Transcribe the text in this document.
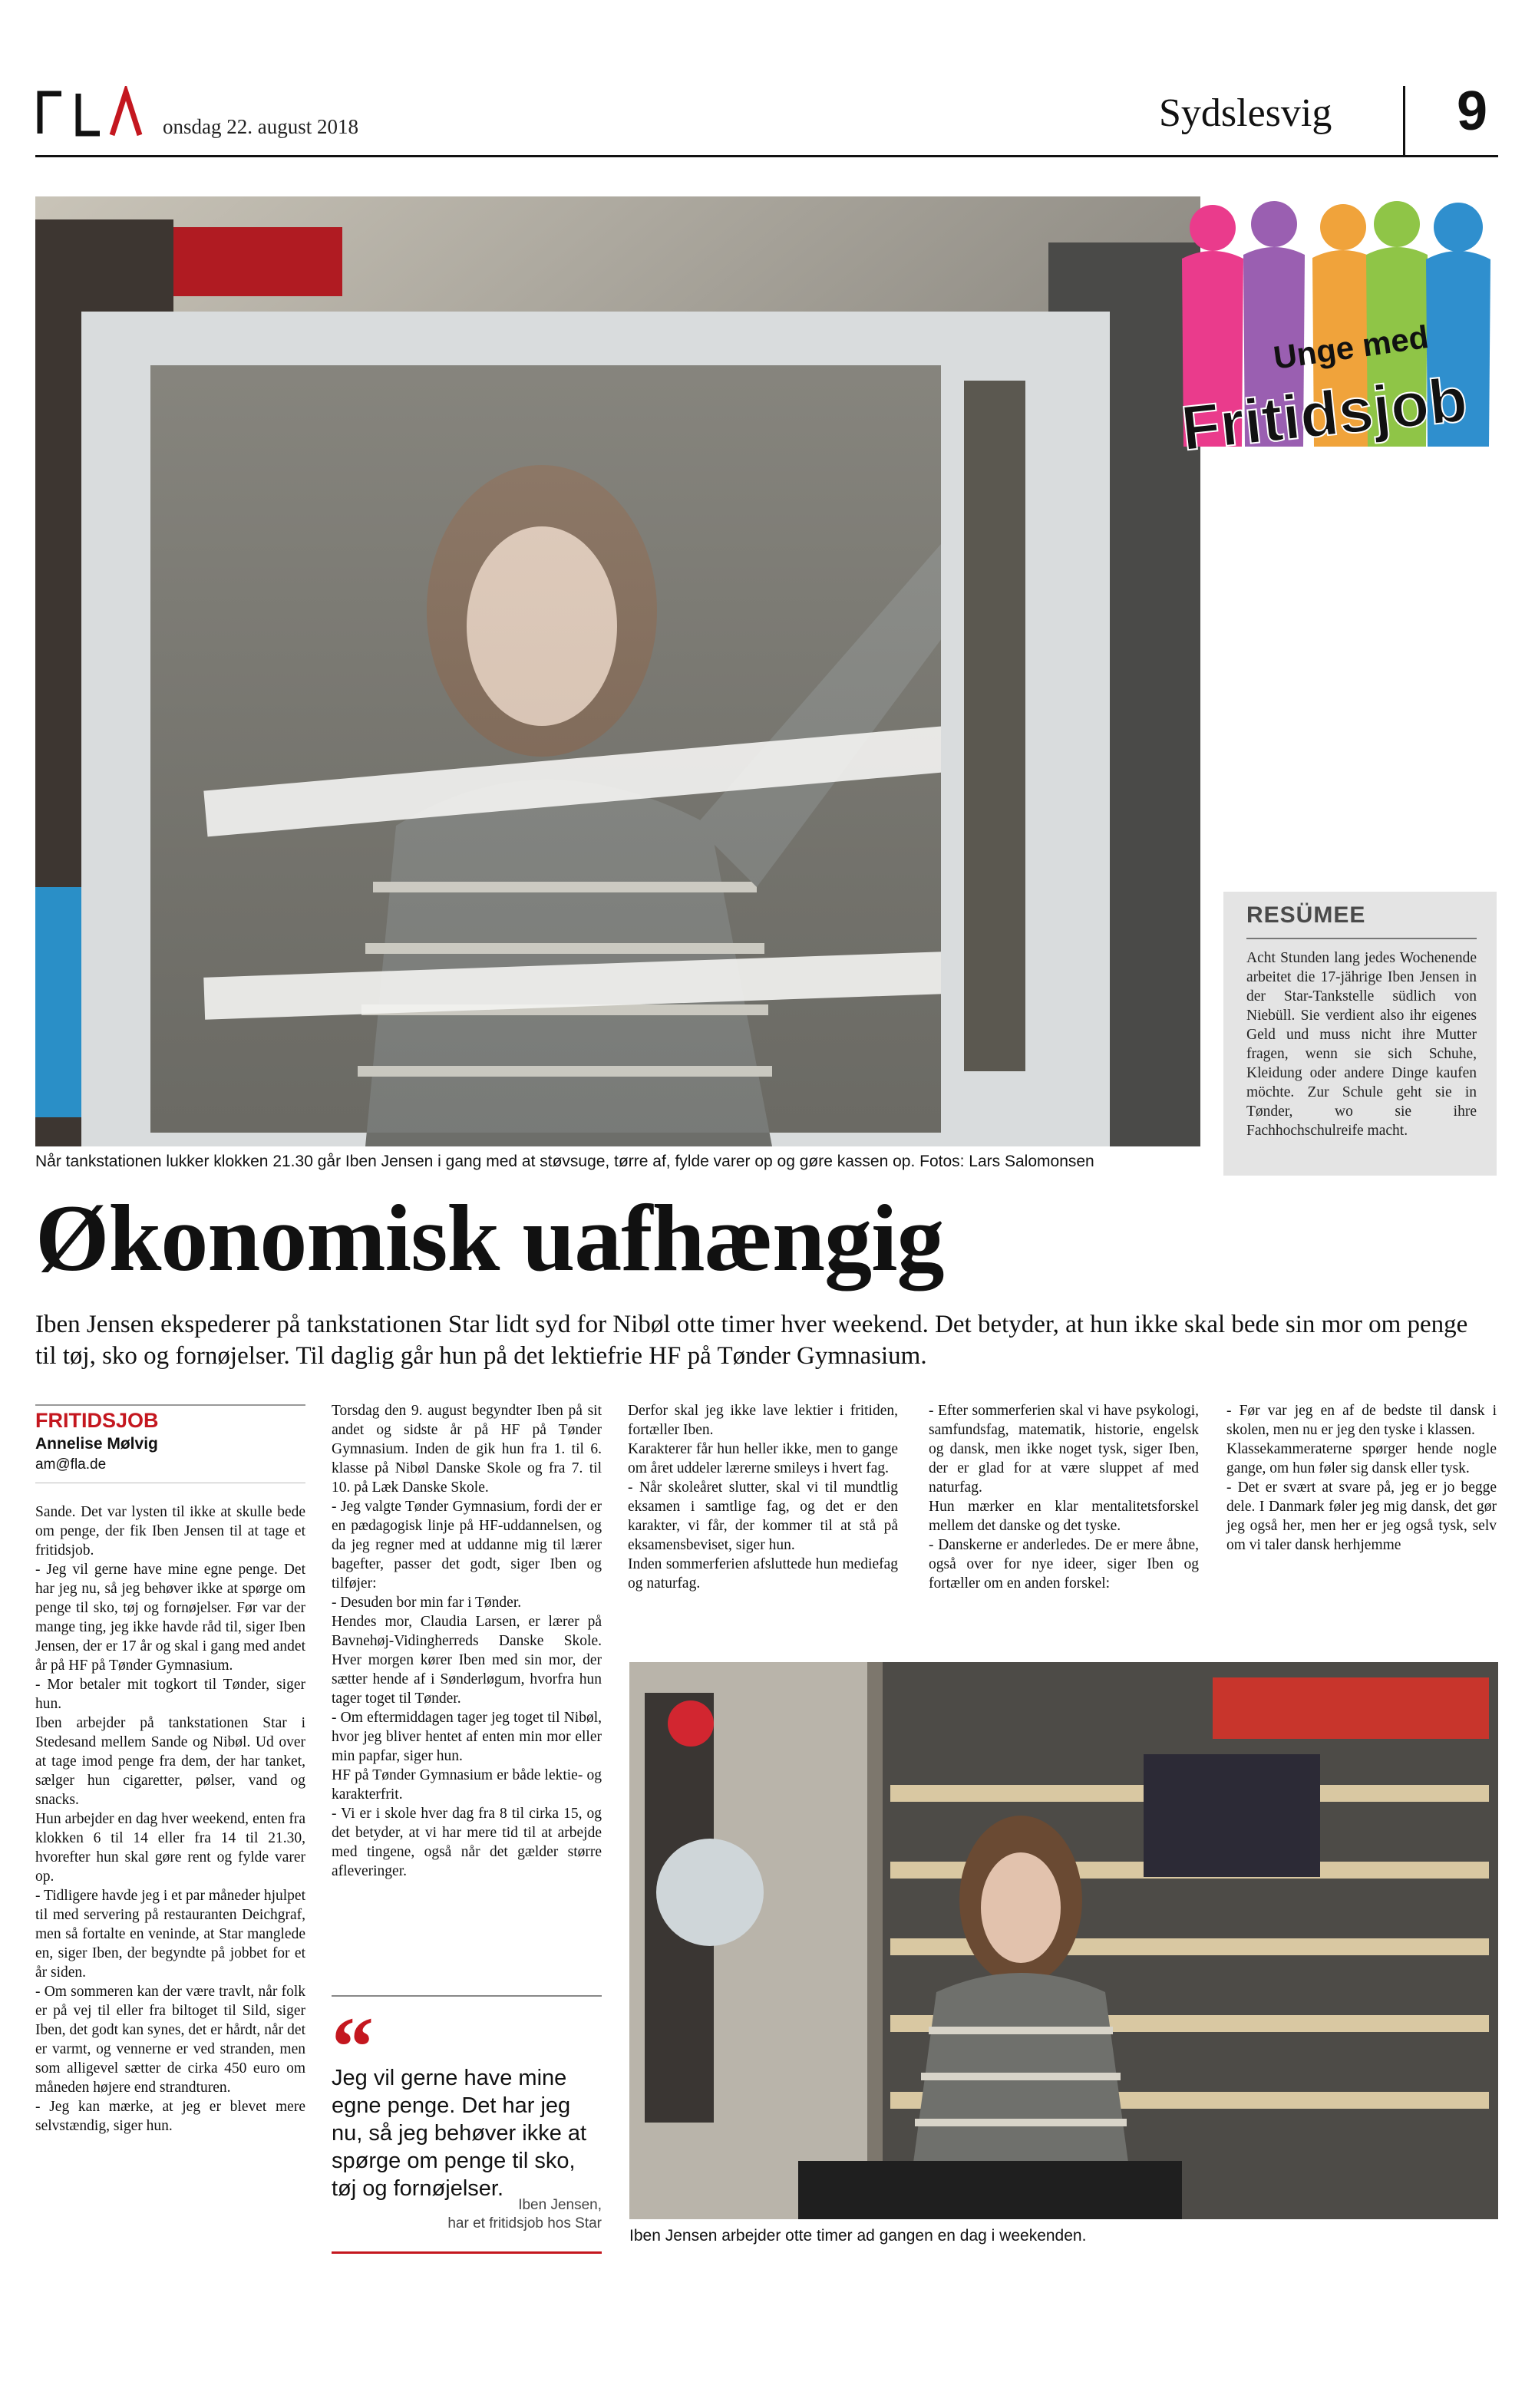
onsdag 22. august 2018	Sydslesvig 9
Når tankstationen lukker klokken 21.30 går Iben Jensen i gang med at støvsuge, tørre af, fylde varer op og gøre kassen op. Fotos: Lars Salomonsen
Unge med
Fritidsjob
RESÜMEE
Acht Stunden lang jedes Wochenende arbeitet die 17-jährige Iben Jensen in der Star-Tankstelle südlich von Niebüll. Sie verdient also ihr eigenes Geld und muss nicht ihre Mutter fragen, wenn sie sich Schuhe, Kleidung oder andere Dinge kaufen möchte. Zur Schule geht sie in Tønder, wo sie ihre Fachhochschulreife macht.
Økonomisk uafhængig
Iben Jensen ekspederer på tankstationen Star lidt syd for Nibøl otte timer hver weekend. Det betyder, at hun ikke skal bede sin mor om penge til tøj, sko og fornøjelser. Til daglig går hun på det lektiefrie HF på Tønder Gymnasium.
FRITIDSJOB
Annelise Mølvig
am@fla.de

Sande. Det var lysten til ikke at skulle bede om penge, der fik Iben Jensen til at tage et fritidsjob.

- Jeg vil gerne have mine egne penge. Det har jeg nu, så jeg behøver ikke at spørge om penge til sko, tøj og fornøjelser. Før var der mange ting, jeg ikke havde råd til, siger Iben Jensen, der er 17 år og skal i gang med andet år på HF på Tønder Gymnasium.

- Mor betaler mit togkort til Tønder, siger hun.

Iben arbejder på tankstationen Star i Stedesand mellem Sande og Nibøl. Ud over at tage imod penge fra dem, der har tanket, sælger hun cigaretter, pølser, vand og snacks.

Hun arbejder en dag hver weekend, enten fra klokken 6 til 14 eller fra 14 til 21.30, hvorefter hun skal gøre rent og fylde varer op.

- Tidligere havde jeg i et par måneder hjulpet til med servering på restauranten Deichgraf, men så fortalte en veninde, at Star manglede en, siger Iben, der begyndte på jobbet for et år siden.

- Om sommeren kan der være travlt, når folk er på vej til eller fra biltoget til Sild, siger Iben, det godt kan synes, det er hårdt, når det er varmt, og vennerne er ved stranden, men som alligevel sætter de cirka 450 euro om måneden højere end strandturen.

- Jeg kan mærke, at jeg er blevet mere selvstændig, siger hun.

Torsdag den 9. august begyndter Iben på sit andet og sidste år på HF på Tønder Gymnasium. Inden de gik hun fra 1. til 6. klasse på Nibøl Danske Skole og fra 7. til 10. på Læk Danske Skole.

- Jeg valgte Tønder Gymnasium, fordi der er en pædagogisk linje på HF-uddannelsen, og da jeg regner med at uddanne mig til lærer bagefter, passer det godt, siger Iben og tilføjer:

- Desuden bor min far i Tønder.

Hendes mor, Claudia Larsen, er lærer på Bavnehøj-Vidingherreds Danske Skole. Hver morgen kører Iben med sin mor, der sætter hende af i Sønderløgum, hvorfra hun tager toget til Tønder.

- Om eftermiddagen tager jeg toget til Nibøl, hvor jeg bliver hentet af enten min mor eller min papfar, siger hun.

HF på Tønder Gymnasium er både lektie- og karakterfrit.

- Vi er i skole hver dag fra 8 til cirka 15, og det betyder, at vi har mere tid til at arbejde med tingene, også når det gælder større afleveringer.

Derfor skal jeg ikke lave lektier i fritiden, fortæller Iben.

Karakterer får hun heller ikke, men to gange om året uddeler lærerne smileys i hvert fag.

- Når skoleåret slutter, skal vi til mundtlig eksamen i samtlige fag, og det er den karakter, vi får, der kommer til at stå på eksamensbeviset, siger hun.

Inden sommerferien afsluttede hun mediefag og naturfag.

- Efter sommerferien skal vi have psykologi, samfundsfag, matematik, historie, engelsk og dansk, men ikke noget tysk, siger Iben, der er glad for at være sluppet af med naturfag.

Hun mærker en klar mentalitetsforskel mellem det danske og det tyske.

- Danskerne er anderledes. De er mere åbne, også over for nye ideer, siger Iben og fortæller om en anden forskel:

- Før var jeg en af de bedste til dansk i skolen, men nu er jeg den tyske i klassen.

Klassekammeraterne spørger hende nogle gange, om hun føler sig dansk eller tysk.

- Det er svært at svare på, jeg er jo begge dele. I Danmark føler jeg mig dansk, det gør jeg også her, men her er jeg også tysk, selv om vi taler dansk herhjemme

“
Jeg vil gerne have mine egne penge. Det har jeg nu, så jeg behøver ikke at spørge om penge til sko, tøj og fornøjelser.
Iben Jensen,
har et fritidsjob hos Star
Iben Jensen arbejder otte timer ad gangen en dag i weekenden.
